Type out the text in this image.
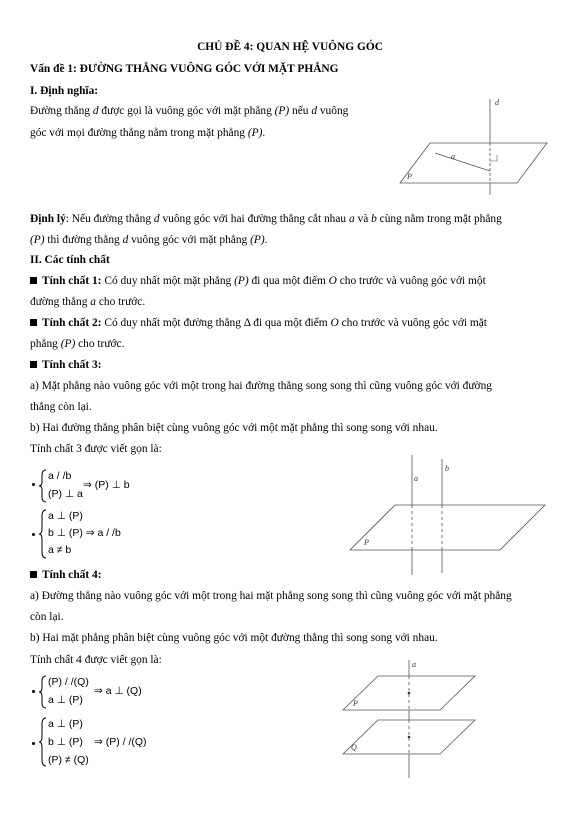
CHỦ ĐỀ 4: QUAN HỆ VUÔNG GÓC
Vấn đề 1: ĐƯỜNG THẲNG VUÔNG GÓC VỚI MẶT PHẲNG
I. Định nghĩa:
Đường thẳng d được gọi là vuông góc với mặt phẳng (P) nếu d vuông
góc với mọi đường thẳng nằm trong mặt phẳng (P).
d
a
P
Định lý: Nếu đường thẳng d vuông góc với hai đường thẳng cắt nhau a và b cùng nằm trong mặt phẳng
(P) thì đường thẳng d vuông góc với mặt phẳng (P).
II. Các tính chất
Tính chất 1: Có duy nhất một mặt phẳng (P) đi qua một điểm O cho trước và vuông góc với một
đường thẳng a cho trước.
Tính chất 2: Có duy nhất một đường thẳng Δ đi qua một điểm O cho trước và vuông góc với mặt
phẳng (P) cho trước.
Tính chất 3:
a) Mặt phẳng nào vuông góc với một trong hai đường thẳng song song thì cũng vuông góc với đường
thẳng còn lại.
b) Hai đường thẳng phân biệt cùng vuông góc với một mặt phẳng thì song song với nhau.
Tính chất 3 được viết gọn là:
a / /b
(P) ⊥ a
⇒ (P) ⊥ b
a ⊥ (P)
b ⊥ (P) ⇒ a / /b
a ≠ b
a
b
P
Tính chất 4:
a) Đường thẳng nào vuông góc với một trong hai mặt phẳng song song thì cũng vuông góc với mặt phẳng
còn lại.
b) Hai mặt phẳng phân biệt cùng vuông góc với một đường thẳng thì song song với nhau.
Tính chất 4 được viết gọn là:
(P) / /(Q)
a ⊥ (P)
⇒ a ⊥ (Q)
a ⊥ (P)
b ⊥ (P)
(P) ≠ (Q)
⇒ (P) / /(Q)
a
P
Q
